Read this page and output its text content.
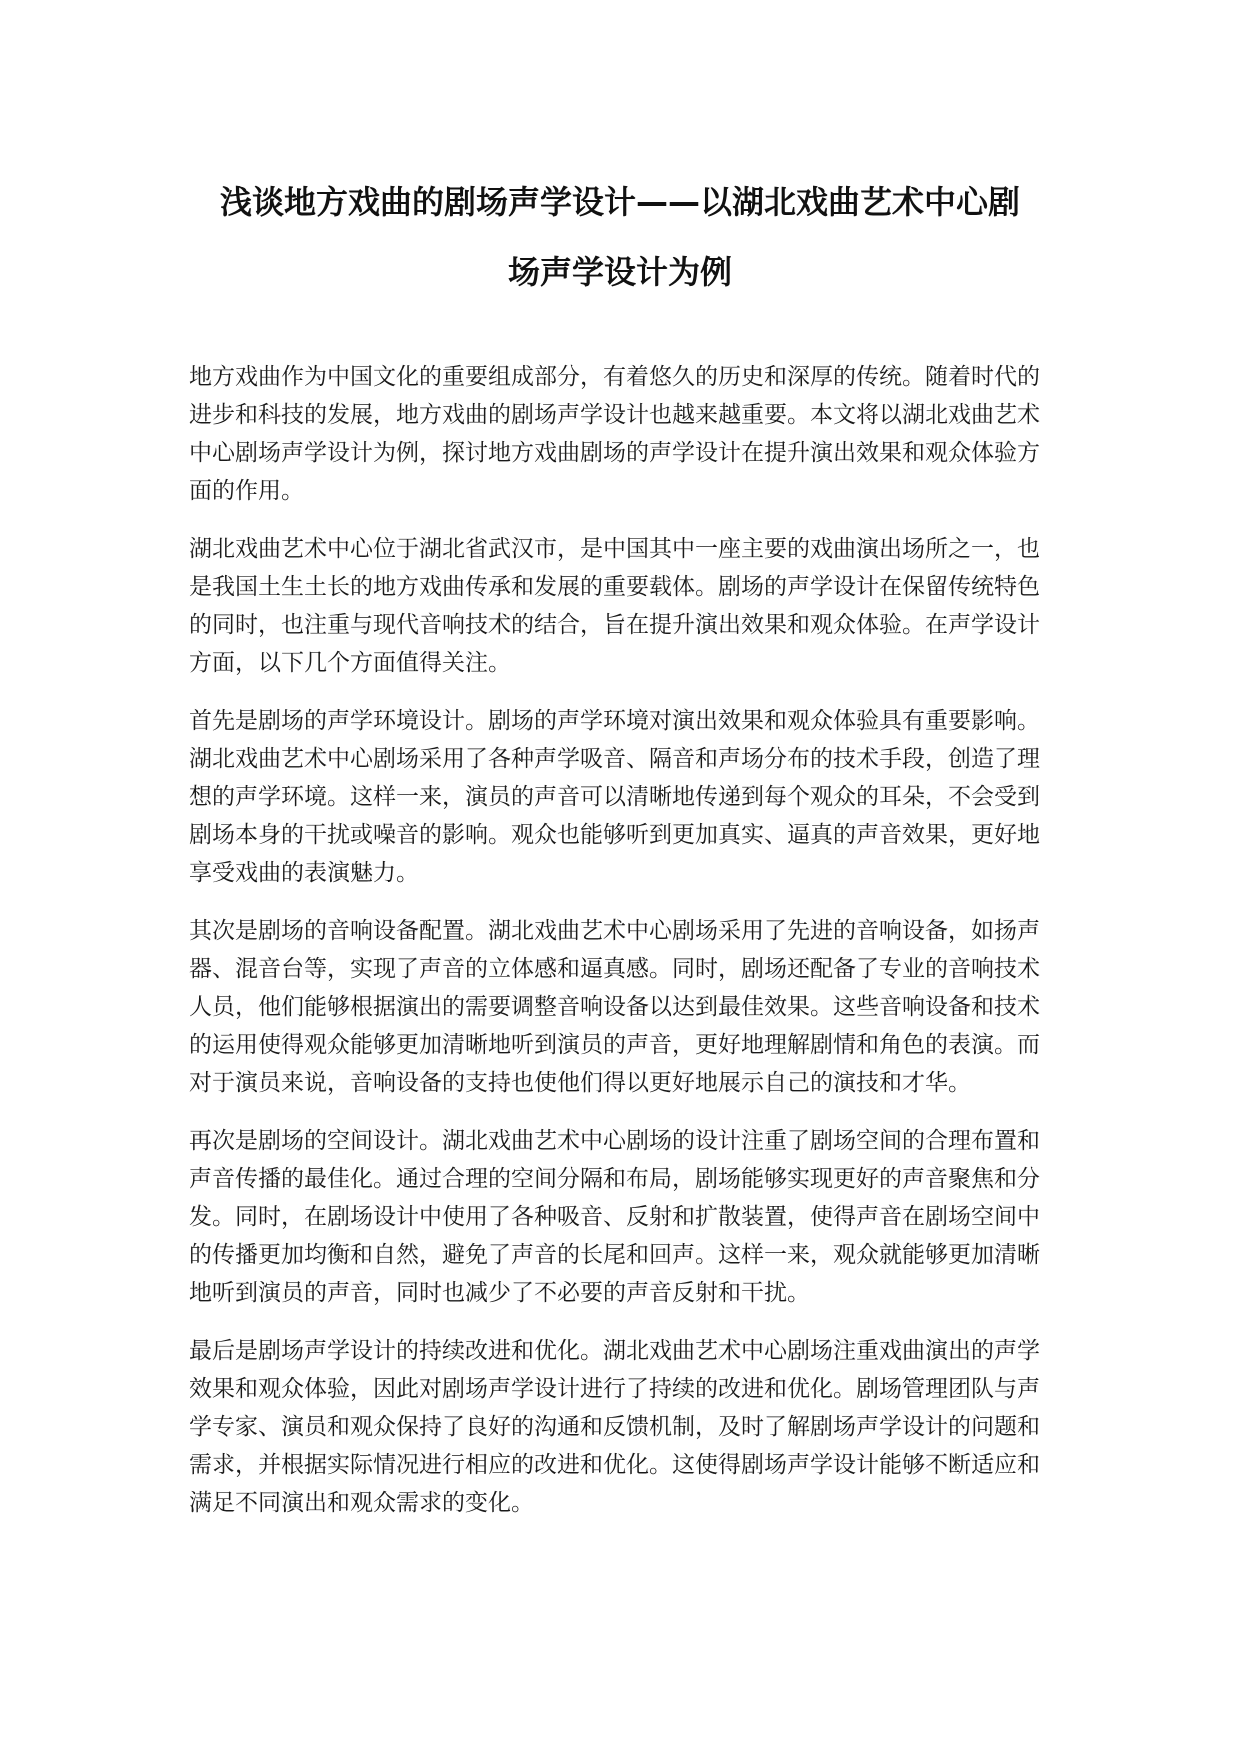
浅谈地方戏曲的剧场声学设计——以湖北戏曲艺术中心剧
场声学设计为例

地方戏曲作为中国文化的重要组成部分，有着悠久的历史和深厚的传统。随着时代的进步和科技的发展，地方戏曲的剧场声学设计也越来越重要。本文将以湖北戏曲艺术中心剧场声学设计为例，探讨地方戏曲剧场的声学设计在提升演出效果和观众体验方面的作用。

湖北戏曲艺术中心位于湖北省武汉市，是中国其中一座主要的戏曲演出场所之一，也是我国土生土长的地方戏曲传承和发展的重要载体。剧场的声学设计在保留传统特色的同时，也注重与现代音响技术的结合，旨在提升演出效果和观众体验。在声学设计方面，以下几个方面值得关注。

首先是剧场的声学环境设计。剧场的声学环境对演出效果和观众体验具有重要影响。湖北戏曲艺术中心剧场采用了各种声学吸音、隔音和声场分布的技术手段，创造了理想的声学环境。这样一来，演员的声音可以清晰地传递到每个观众的耳朵，不会受到剧场本身的干扰或噪音的影响。观众也能够听到更加真实、逼真的声音效果，更好地享受戏曲的表演魅力。

其次是剧场的音响设备配置。湖北戏曲艺术中心剧场采用了先进的音响设备，如扬声器、混音台等，实现了声音的立体感和逼真感。同时，剧场还配备了专业的音响技术人员，他们能够根据演出的需要调整音响设备以达到最佳效果。这些音响设备和技术的运用使得观众能够更加清晰地听到演员的声音，更好地理解剧情和角色的表演。而对于演员来说，音响设备的支持也使他们得以更好地展示自己的演技和才华。

再次是剧场的空间设计。湖北戏曲艺术中心剧场的设计注重了剧场空间的合理布置和声音传播的最佳化。通过合理的空间分隔和布局，剧场能够实现更好的声音聚焦和分发。同时，在剧场设计中使用了各种吸音、反射和扩散装置，使得声音在剧场空间中的传播更加均衡和自然，避免了声音的长尾和回声。这样一来，观众就能够更加清晰地听到演员的声音，同时也减少了不必要的声音反射和干扰。

最后是剧场声学设计的持续改进和优化。湖北戏曲艺术中心剧场注重戏曲演出的声学效果和观众体验，因此对剧场声学设计进行了持续的改进和优化。剧场管理团队与声学专家、演员和观众保持了良好的沟通和反馈机制，及时了解剧场声学设计的问题和需求，并根据实际情况进行相应的改进和优化。这使得剧场声学设计能够不断适应和满足不同演出和观众需求的变化。
